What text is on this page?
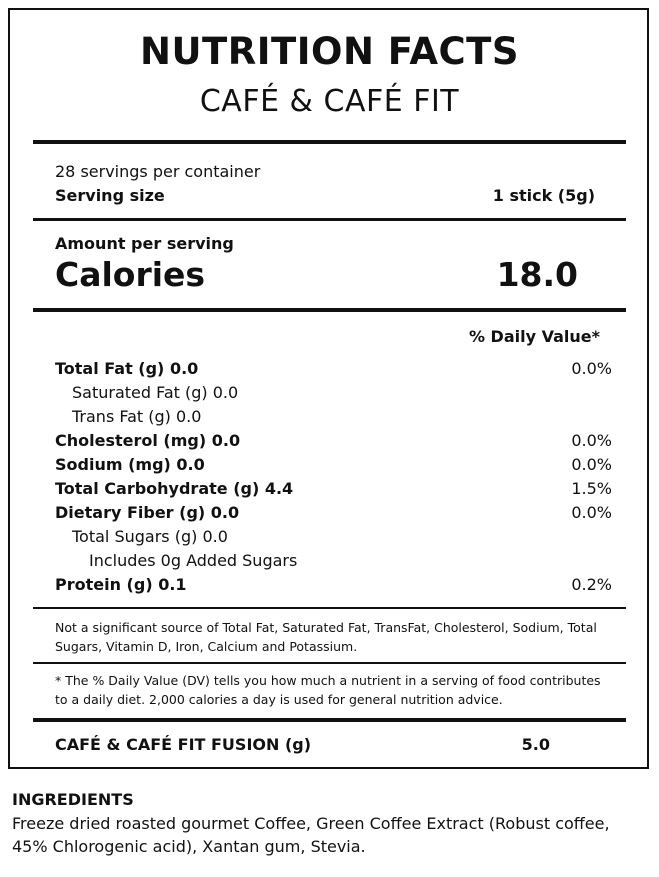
NUTRITION FACTS
CAFÉ & CAFÉ FIT
28 servings per container
Serving size	1 stick (5g)
Amount per serving
Calories	18.0
% Daily Value*
Total Fat (g) 0.0	0.0%
Saturated Fat (g) 0.0
Trans Fat (g) 0.0
Cholesterol (mg) 0.0	0.0%
Sodium (mg) 0.0	0.0%
Total Carbohydrate (g) 4.4	1.5%
Dietary Fiber (g) 0.0	0.0%
Total Sugars (g) 0.0
Includes 0g Added Sugars
Protein (g) 0.1	0.2%
Not a significant source of Total Fat, Saturated Fat, TransFat, Cholesterol, Sodium, Total Sugars, Vitamin D, Iron, Calcium and Potassium.
* The % Daily Value (DV) tells you how much a nutrient in a serving of food contributes to a daily diet. 2,000 calories a day is used for general nutrition advice.
CAFÉ & CAFÉ FIT FUSION (g)	5.0
INGREDIENTS
Freeze dried roasted gourmet Coffee, Green Coffee Extract (Robust coffee, 45% Chlorogenic acid), Xantan gum, Stevia.
